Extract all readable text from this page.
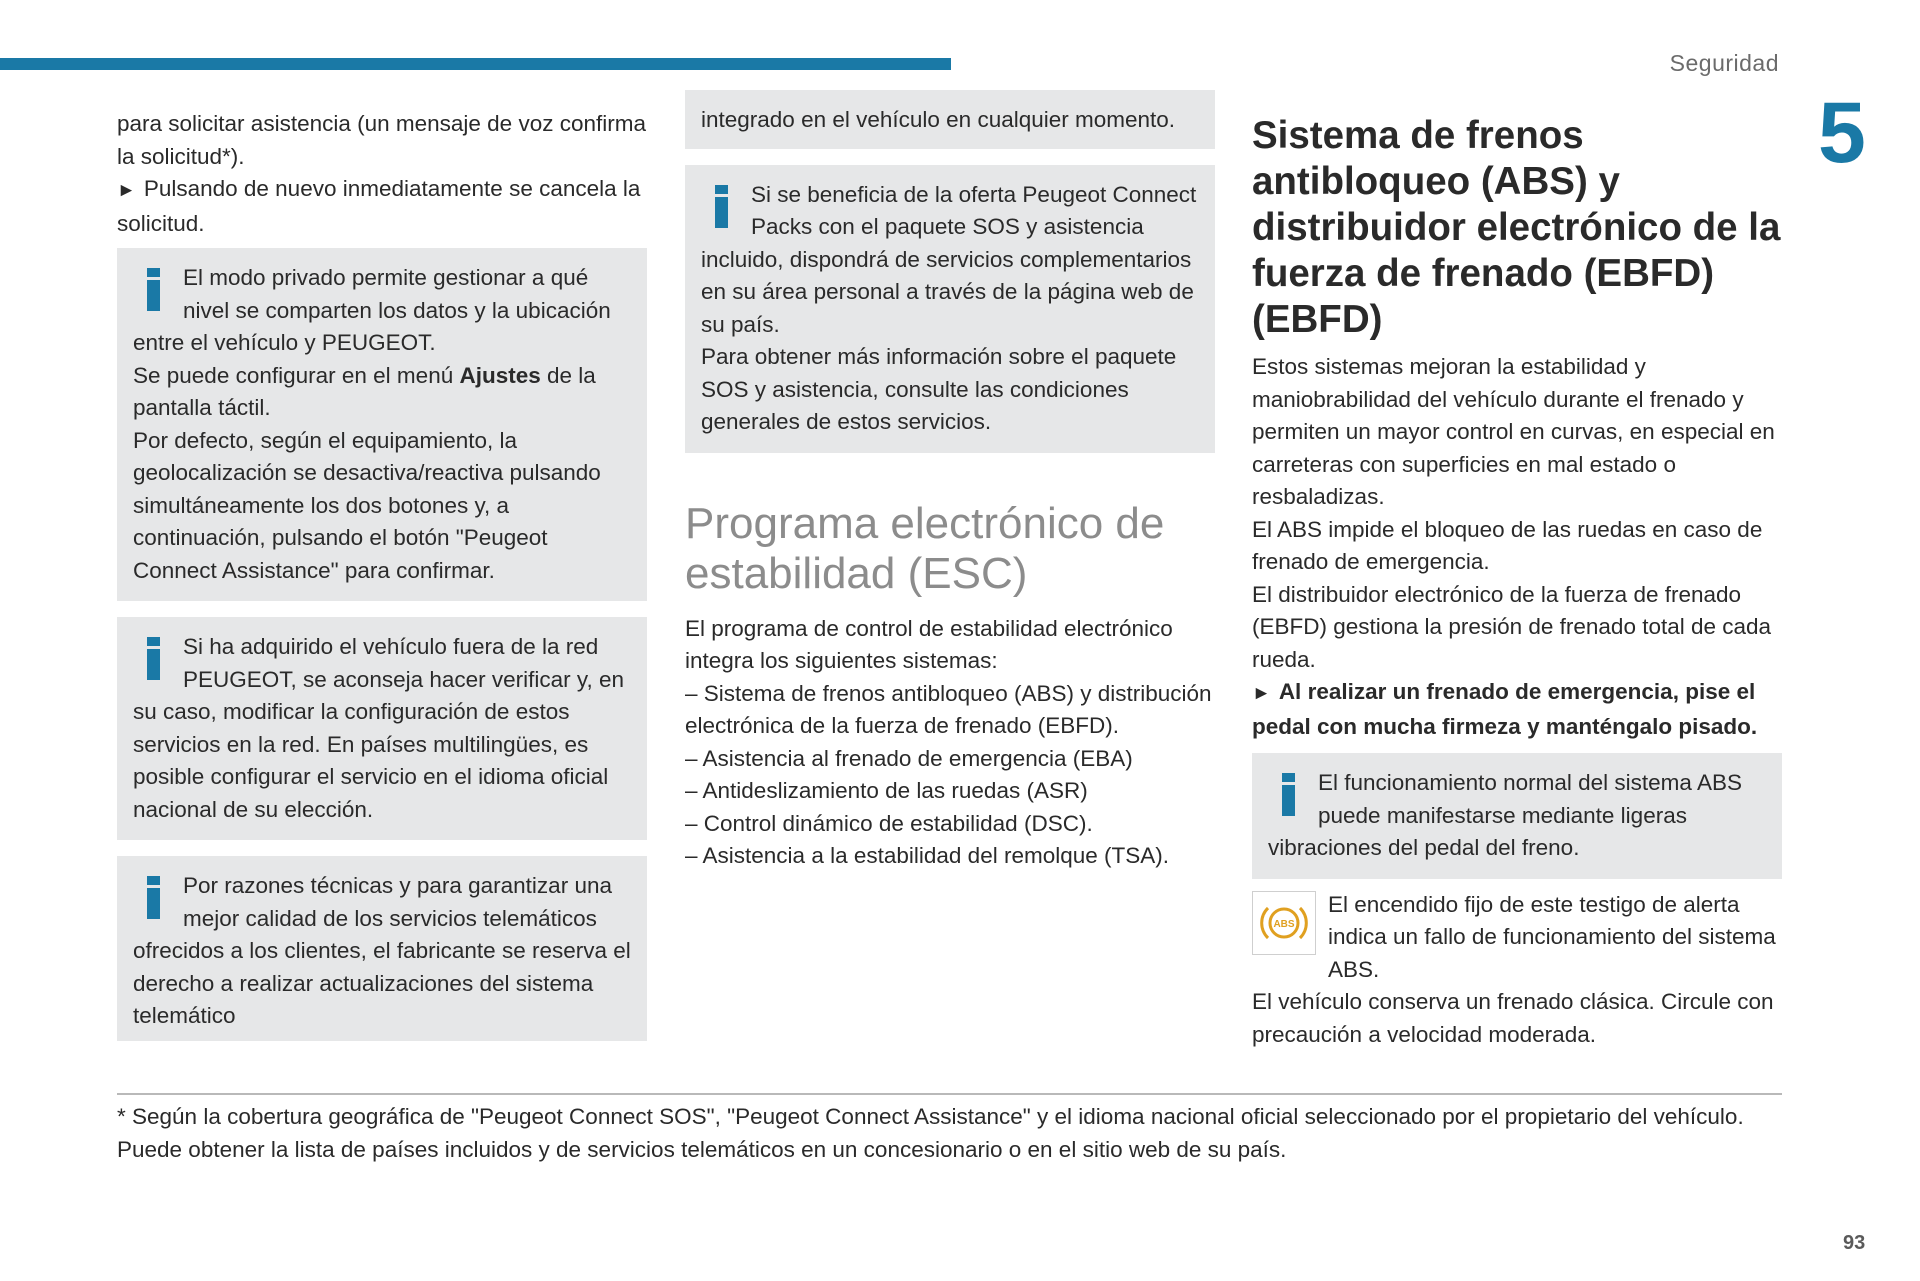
Seguridad
5

para solicitar asistencia (un mensaje de voz confirma la solicitud*).

► Pulsando de nuevo inmediatamente se cancela la solicitud.

El modo privado permite gestionar a qué nivel se comparten los datos y la ubicación entre el vehículo y PEUGEOT.
Se puede configurar en el menú Ajustes de la pantalla táctil.
Por defecto, según el equipamiento, la geolocalización se desactiva/reactiva pulsando simultáneamente los dos botones y, a continuación, pulsando el botón "Peugeot Connect Assistance" para confirmar.
Si ha adquirido el vehículo fuera de la red PEUGEOT, se aconseja hacer verificar y, en su caso, modificar la configuración de estos servicios en la red. En países multilingües, es posible configurar el servicio en el idioma oficial nacional de su elección.
Por razones técnicas y para garantizar una mejor calidad de los servicios telemáticos ofrecidos a los clientes, el fabricante se reserva el derecho a realizar actualizaciones del sistema telemático
integrado en el vehículo en cualquier momento.
Si se beneficia de la oferta Peugeot Connect Packs con el paquete SOS y asistencia incluido, dispondrá de servicios complementarios en su área personal a través de la página web de su país.
Para obtener más información sobre el paquete SOS y asistencia, consulte las condiciones generales de estos servicios.
Programa electrónico de estabilidad (ESC)

El programa de control de estabilidad electrónico integra los siguientes sistemas:

– Sistema de frenos antibloqueo (ABS) y distribución electrónica de la fuerza de frenado (EBFD).

– Asistencia al frenado de emergencia (EBA)

– Antideslizamiento de las ruedas (ASR)

– Control dinámico de estabilidad (DSC).

– Asistencia a la estabilidad del remolque (TSA).

Sistema de frenos antibloqueo (ABS) y distribuidor electrónico de la fuerza de frenado (EBFD) (EBFD)

Estos sistemas mejoran la estabilidad y maniobrabilidad del vehículo durante el frenado y permiten un mayor control en curvas, en especial en carreteras con superficies en mal estado o resbaladizas.

El ABS impide el bloqueo de las ruedas en caso de frenado de emergencia.

El distribuidor electrónico de la fuerza de frenado (EBFD) gestiona la presión de frenado total de cada rueda.

► Al realizar un frenado de emergencia, pise el pedal con mucha firmeza y manténgalo pisado.

El funcionamiento normal del sistema ABS puede manifestarse mediante ligeras vibraciones del pedal del freno.
ABS

El encendido fijo de este testigo de alerta indica un fallo de funcionamiento del sistema ABS.

El vehículo conserva un frenado clásica. Circule con precaución a velocidad moderada.

* Según la cobertura geográfica de "Peugeot Connect SOS", "Peugeot Connect Assistance" y el idioma nacional oficial seleccionado por el propietario del vehículo.

Puede obtener la lista de países incluidos y de servicios telemáticos en un concesionario o en el sitio web de su país.

93
